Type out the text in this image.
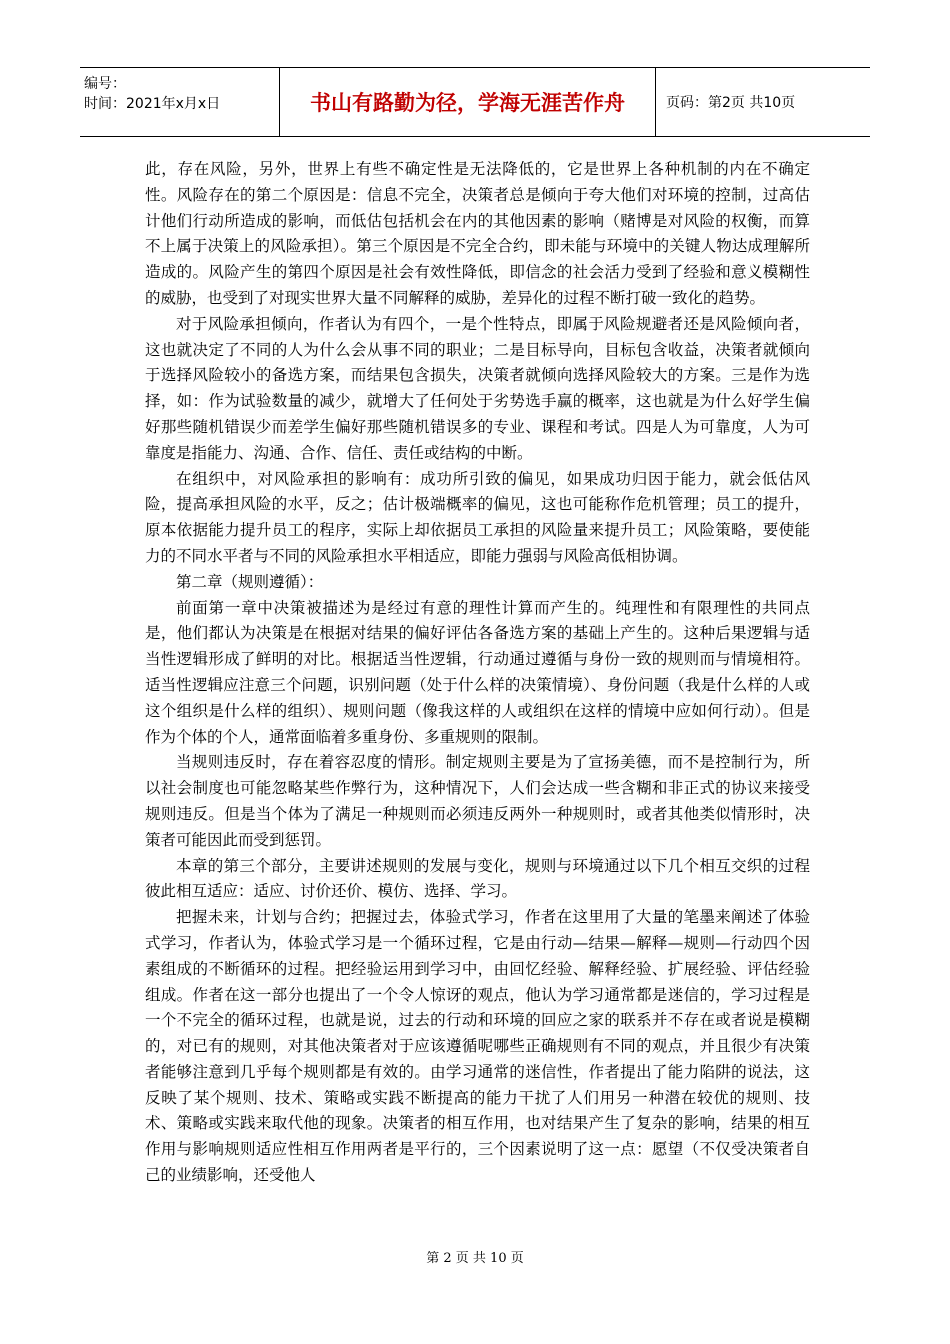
编号：
时间：2021年x月x日	书山有路勤为径，学海无涯苦作舟	页码：第2页 共10页

此，存在风险，另外，世界上有些不确定性是无法降低的，它是世界上各种机制的内在不确定性。风险存在的第二个原因是：信息不完全，决策者总是倾向于夸大他们对环境的控制，过高估计他们行动所造成的影响，而低估包括机会在内的其他因素的影响（赌博是对风险的权衡，而算不上属于决策上的风险承担）。第三个原因是不完全合约，即未能与环境中的关键人物达成理解所造成的。风险产生的第四个原因是社会有效性降低，即信念的社会活力受到了经验和意义模糊性的威胁，也受到了对现实世界大量不同解释的威胁，差异化的过程不断打破一致化的趋势。

对于风险承担倾向，作者认为有四个，一是个性特点，即属于风险规避者还是风险倾向者，这也就决定了不同的人为什么会从事不同的职业；二是目标导向，目标包含收益，决策者就倾向于选择风险较小的备选方案，而结果包含损失，决策者就倾向选择风险较大的方案。三是作为选择，如：作为试验数量的减少，就增大了任何处于劣势选手赢的概率，这也就是为什么好学生偏好那些随机错误少而差学生偏好那些随机错误多的专业、课程和考试。四是人为可靠度，人为可靠度是指能力、沟通、合作、信任、责任或结构的中断。

在组织中，对风险承担的影响有：成功所引致的偏见，如果成功归因于能力，就会低估风险，提高承担风险的水平，反之；估计极端概率的偏见，这也可能称作危机管理；员工的提升，原本依据能力提升员工的程序，实际上却依据员工承担的风险量来提升员工；风险策略，要使能力的不同水平者与不同的风险承担水平相适应，即能力强弱与风险高低相协调。

第二章（规则遵循）：

前面第一章中决策被描述为是经过有意的理性计算而产生的。纯理性和有限理性的共同点是，他们都认为决策是在根据对结果的偏好评估各备选方案的基础上产生的。这种后果逻辑与适当性逻辑形成了鲜明的对比。根据适当性逻辑，行动通过遵循与身份一致的规则而与情境相符。适当性逻辑应注意三个问题，识别问题（处于什么样的决策情境）、身份问题（我是什么样的人或这个组织是什么样的组织）、规则问题（像我这样的人或组织在这样的情境中应如何行动）。但是作为个体的个人，通常面临着多重身份、多重规则的限制。

当规则违反时，存在着容忍度的情形。制定规则主要是为了宣扬美德，而不是控制行为，所以社会制度也可能忽略某些作弊行为，这种情况下，人们会达成一些含糊和非正式的协议来接受规则违反。但是当个体为了满足一种规则而必须违反两外一种规则时，或者其他类似情形时，决策者可能因此而受到惩罚。

本章的第三个部分，主要讲述规则的发展与变化，规则与环境通过以下几个相互交织的过程彼此相互适应：适应、讨价还价、模仿、选择、学习。

把握未来，计划与合约；把握过去，体验式学习，作者在这里用了大量的笔墨来阐述了体验式学习，作者认为，体验式学习是一个循环过程，它是由行动—结果—解释—规则—行动四个因素组成的不断循环的过程。把经验运用到学习中，由回忆经验、解释经验、扩展经验、评估经验组成。作者在这一部分也提出了一个令人惊讶的观点，他认为学习通常都是迷信的，学习过程是一个不完全的循环过程，也就是说，过去的行动和环境的回应之家的联系并不存在或者说是模糊的，对已有的规则，对其他决策者对于应该遵循呢哪些正确规则有不同的观点，并且很少有决策者能够注意到几乎每个规则都是有效的。由学习通常的迷信性，作者提出了能力陷阱的说法，这反映了某个规则、技术、策略或实践不断提高的能力干扰了人们用另一种潜在较优的规则、技术、策略或实践来取代他的现象。决策者的相互作用，也对结果产生了复杂的影响，结果的相互作用与影响规则适应性相互作用两者是平行的，三个因素说明了这一点：愿望（不仅受决策者自己的业绩影响，还受他人

第 2 页 共 10 页
